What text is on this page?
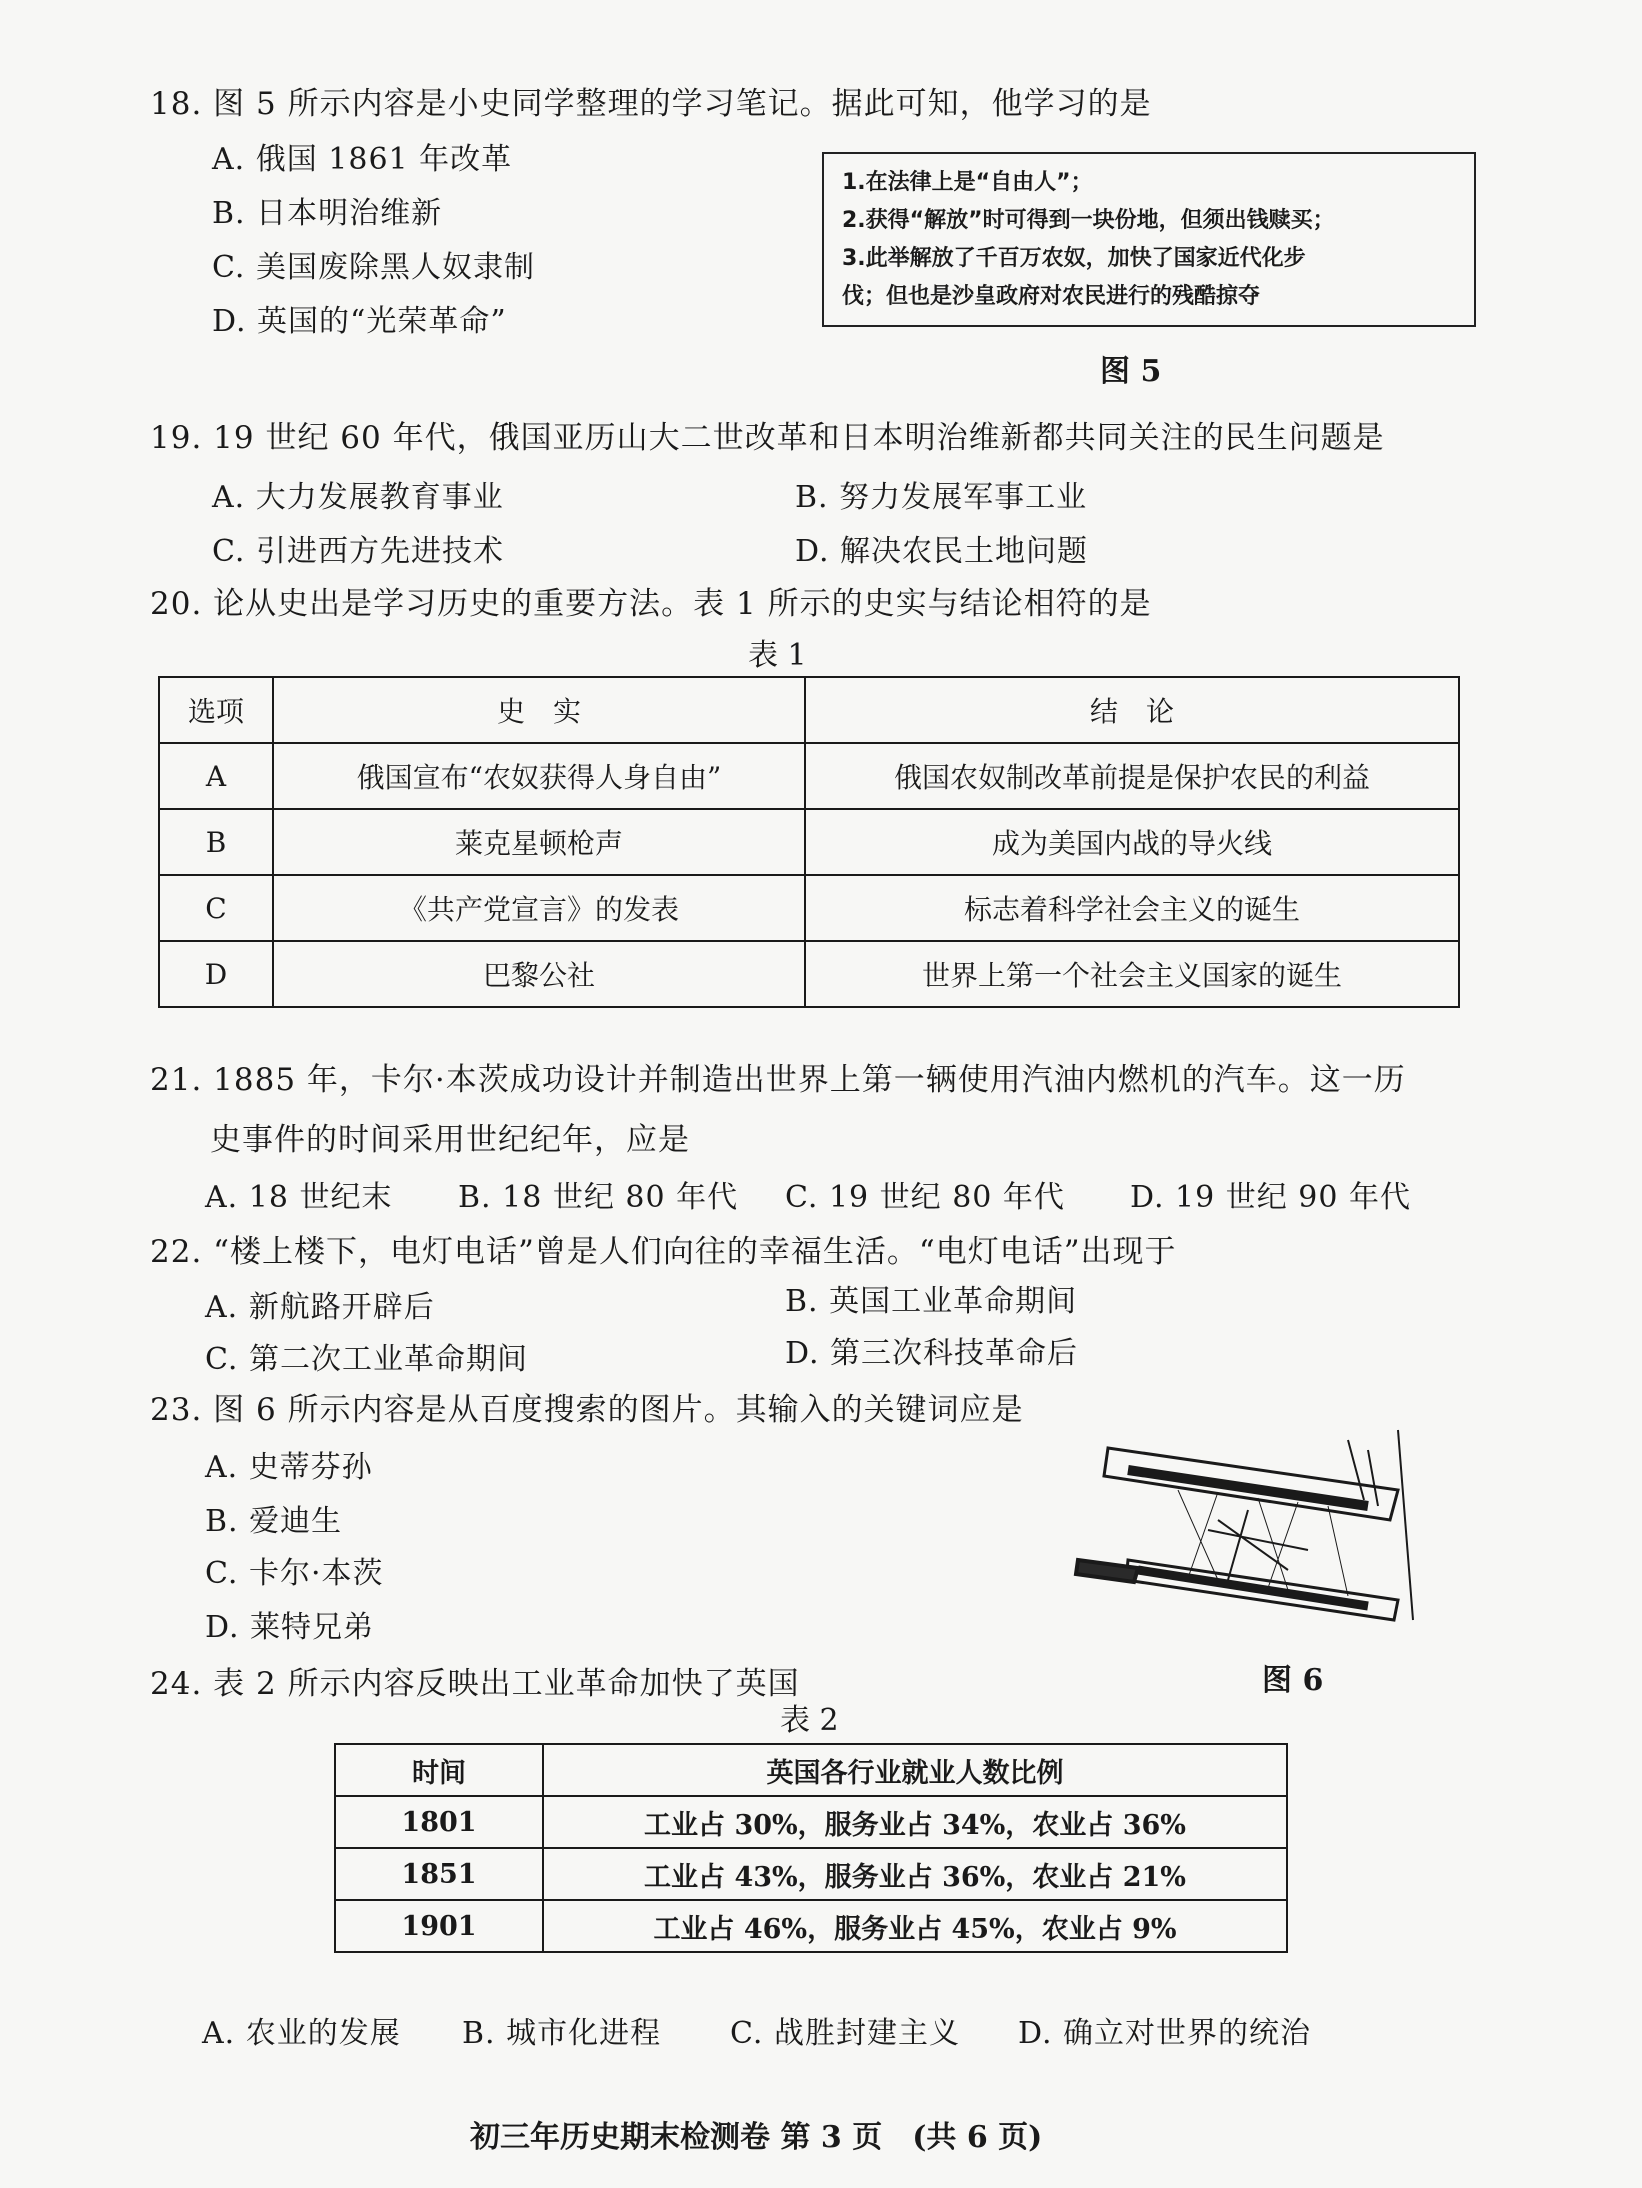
18. 图 5 所示内容是小史同学整理的学习笔记。据此可知，他学习的是
A. 俄国 1861 年改革
B. 日本明治维新
C. 美国废除黑人奴隶制
D. 英国的“光荣革命”
1.在法律上是“自由人”；
2.获得“解放”时可得到一块份地，但须出钱赎买；
3.此举解放了千百万农奴，加快了国家近代化步
伐；但也是沙皇政府对农民进行的残酷掠夺
图 5
19. 19 世纪 60 年代，俄国亚历山大二世改革和日本明治维新都共同关注的民生问题是
A. 大力发展教育事业	B. 努力发展军事工业
C. 引进西方先进技术	D. 解决农民土地问题
20. 论从史出是学习历史的重要方法。表 1 所示的史实与结论相符的是
表 1
选项	史　实	结　论
A	俄国宣布“农奴获得人身自由”	俄国农奴制改革前提是保护农民的利益
B	莱克星顿枪声	成为美国内战的导火线
C	《共产党宣言》的发表	标志着科学社会主义的诞生
D	巴黎公社	世界上第一个社会主义国家的诞生
21. 1885 年，卡尔·本茨成功设计并制造出世界上第一辆使用汽油内燃机的汽车。这一历
史事件的时间采用世纪纪年，应是
A. 18 世纪末 B. 18 世纪 80 年代 C. 19 世纪 80 年代 D. 19 世纪 90 年代
22. “楼上楼下，电灯电话”曾是人们向往的幸福生活。“电灯电话”出现于
A. 新航路开辟后	B. 英国工业革命期间
C. 第二次工业革命期间	D. 第三次科技革命后
23. 图 6 所示内容是从百度搜索的图片。其输入的关键词应是
A. 史蒂芬孙
B. 爱迪生
C. 卡尔·本茨
D. 莱特兄弟
图 6
24. 表 2 所示内容反映出工业革命加快了英国
表 2
时间	英国各行业就业人数比例
1801	工业占 30%，服务业占 34%，农业占 36%
1851	工业占 43%，服务业占 36%，农业占 21%
1901	工业占 46%，服务业占 45%，农业占 9%
A. 农业的发展 B. 城市化进程 C. 战胜封建主义 D. 确立对世界的统治
初三年历史期末检测卷 第 3 页　(共 6 页)
